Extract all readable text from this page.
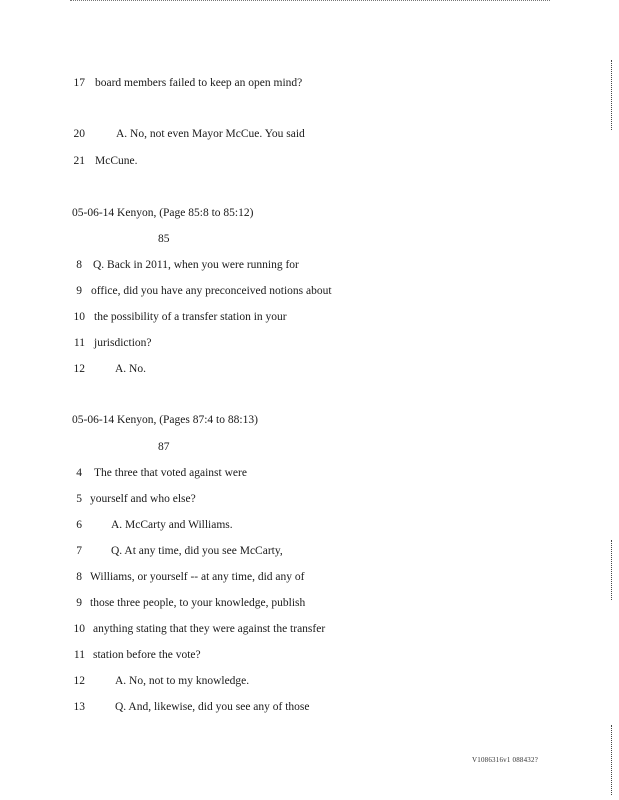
17 board members failed to keep an open mind?
20	A. No, not even Mayor McCue. You said
21 McCune.
05-06-14 Kenyon, (Page 85:8 to 85:12)
85
8 Q. Back in 2011, when you were running for
9 office, did you have any preconceived notions about
10 the possibility of a transfer station in your
11 jurisdiction?
12	A. No.
05-06-14 Kenyon, (Pages 87:4 to 88:13)
87
4 The three that voted against were
5 yourself and who else?
6	A. McCarty and Williams.
7	Q. At any time, did you see McCarty,
8 Williams, or yourself -- at any time, did any of
9 those three people, to your knowledge, publish
10 anything stating that they were against the transfer
11 station before the vote?
12	A. No, not to my knowledge.
13	Q. And, likewise, did you see any of those
V1086316v1 088432?
